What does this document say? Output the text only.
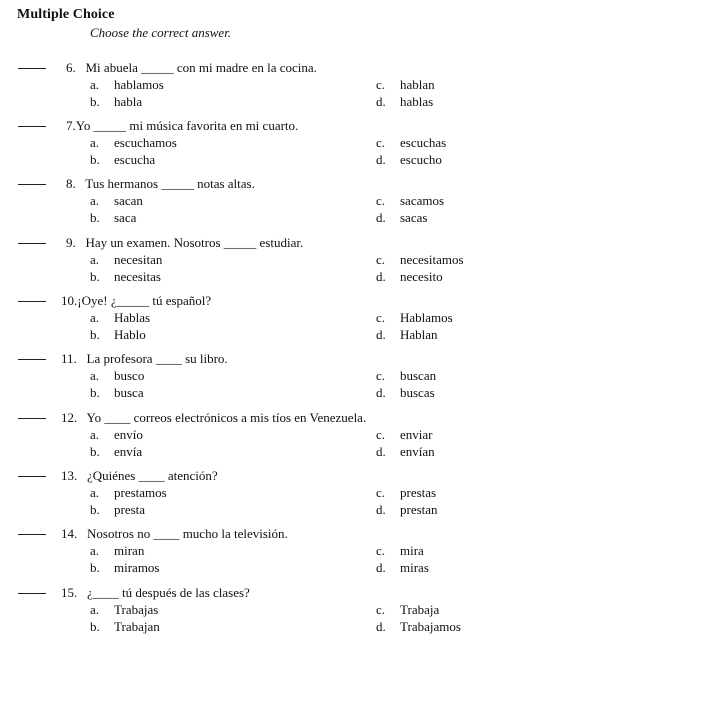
Multiple Choice
Choose the correct answer.
6.   Mi abuela _____ con mi madre en la cocina.
a. hablamos
b. habla
c. hablan
d. hablas
7.Yo _____ mi música favorita en mi cuarto.
a. escuchamos
b. escucha
c. escuchas
d. escucho
8.   Tus hermanos _____ notas altas.
a. sacan
b. saca
c. sacamos
d. sacas
9.   Hay un examen. Nosotros _____ estudiar.
a. necesitan
b. necesitas
c. necesitamos
d. necesito
10.¡Oye! ¿_____ tú español?
a. Hablas
b. Hablo
c. Hablamos
d. Hablan
11.   La profesora ____ su libro.
a. busco
b. busca
c. buscan
d. buscas
12.   Yo ____ correos electrónicos a mis tíos en Venezuela.
a. envío
b. envía
c. enviar
d. envían
13.   ¿Quiénes ____ atención?
a. prestamos
b. presta
c. prestas
d. prestan
14.   Nosotros no ____ mucho la televisión.
a. miran
b. miramos
c. mira
d. miras
15.   ¿____ tú después de las clases?
a. Trabajas
b. Trabajan
c. Trabaja
d. Trabajamos
